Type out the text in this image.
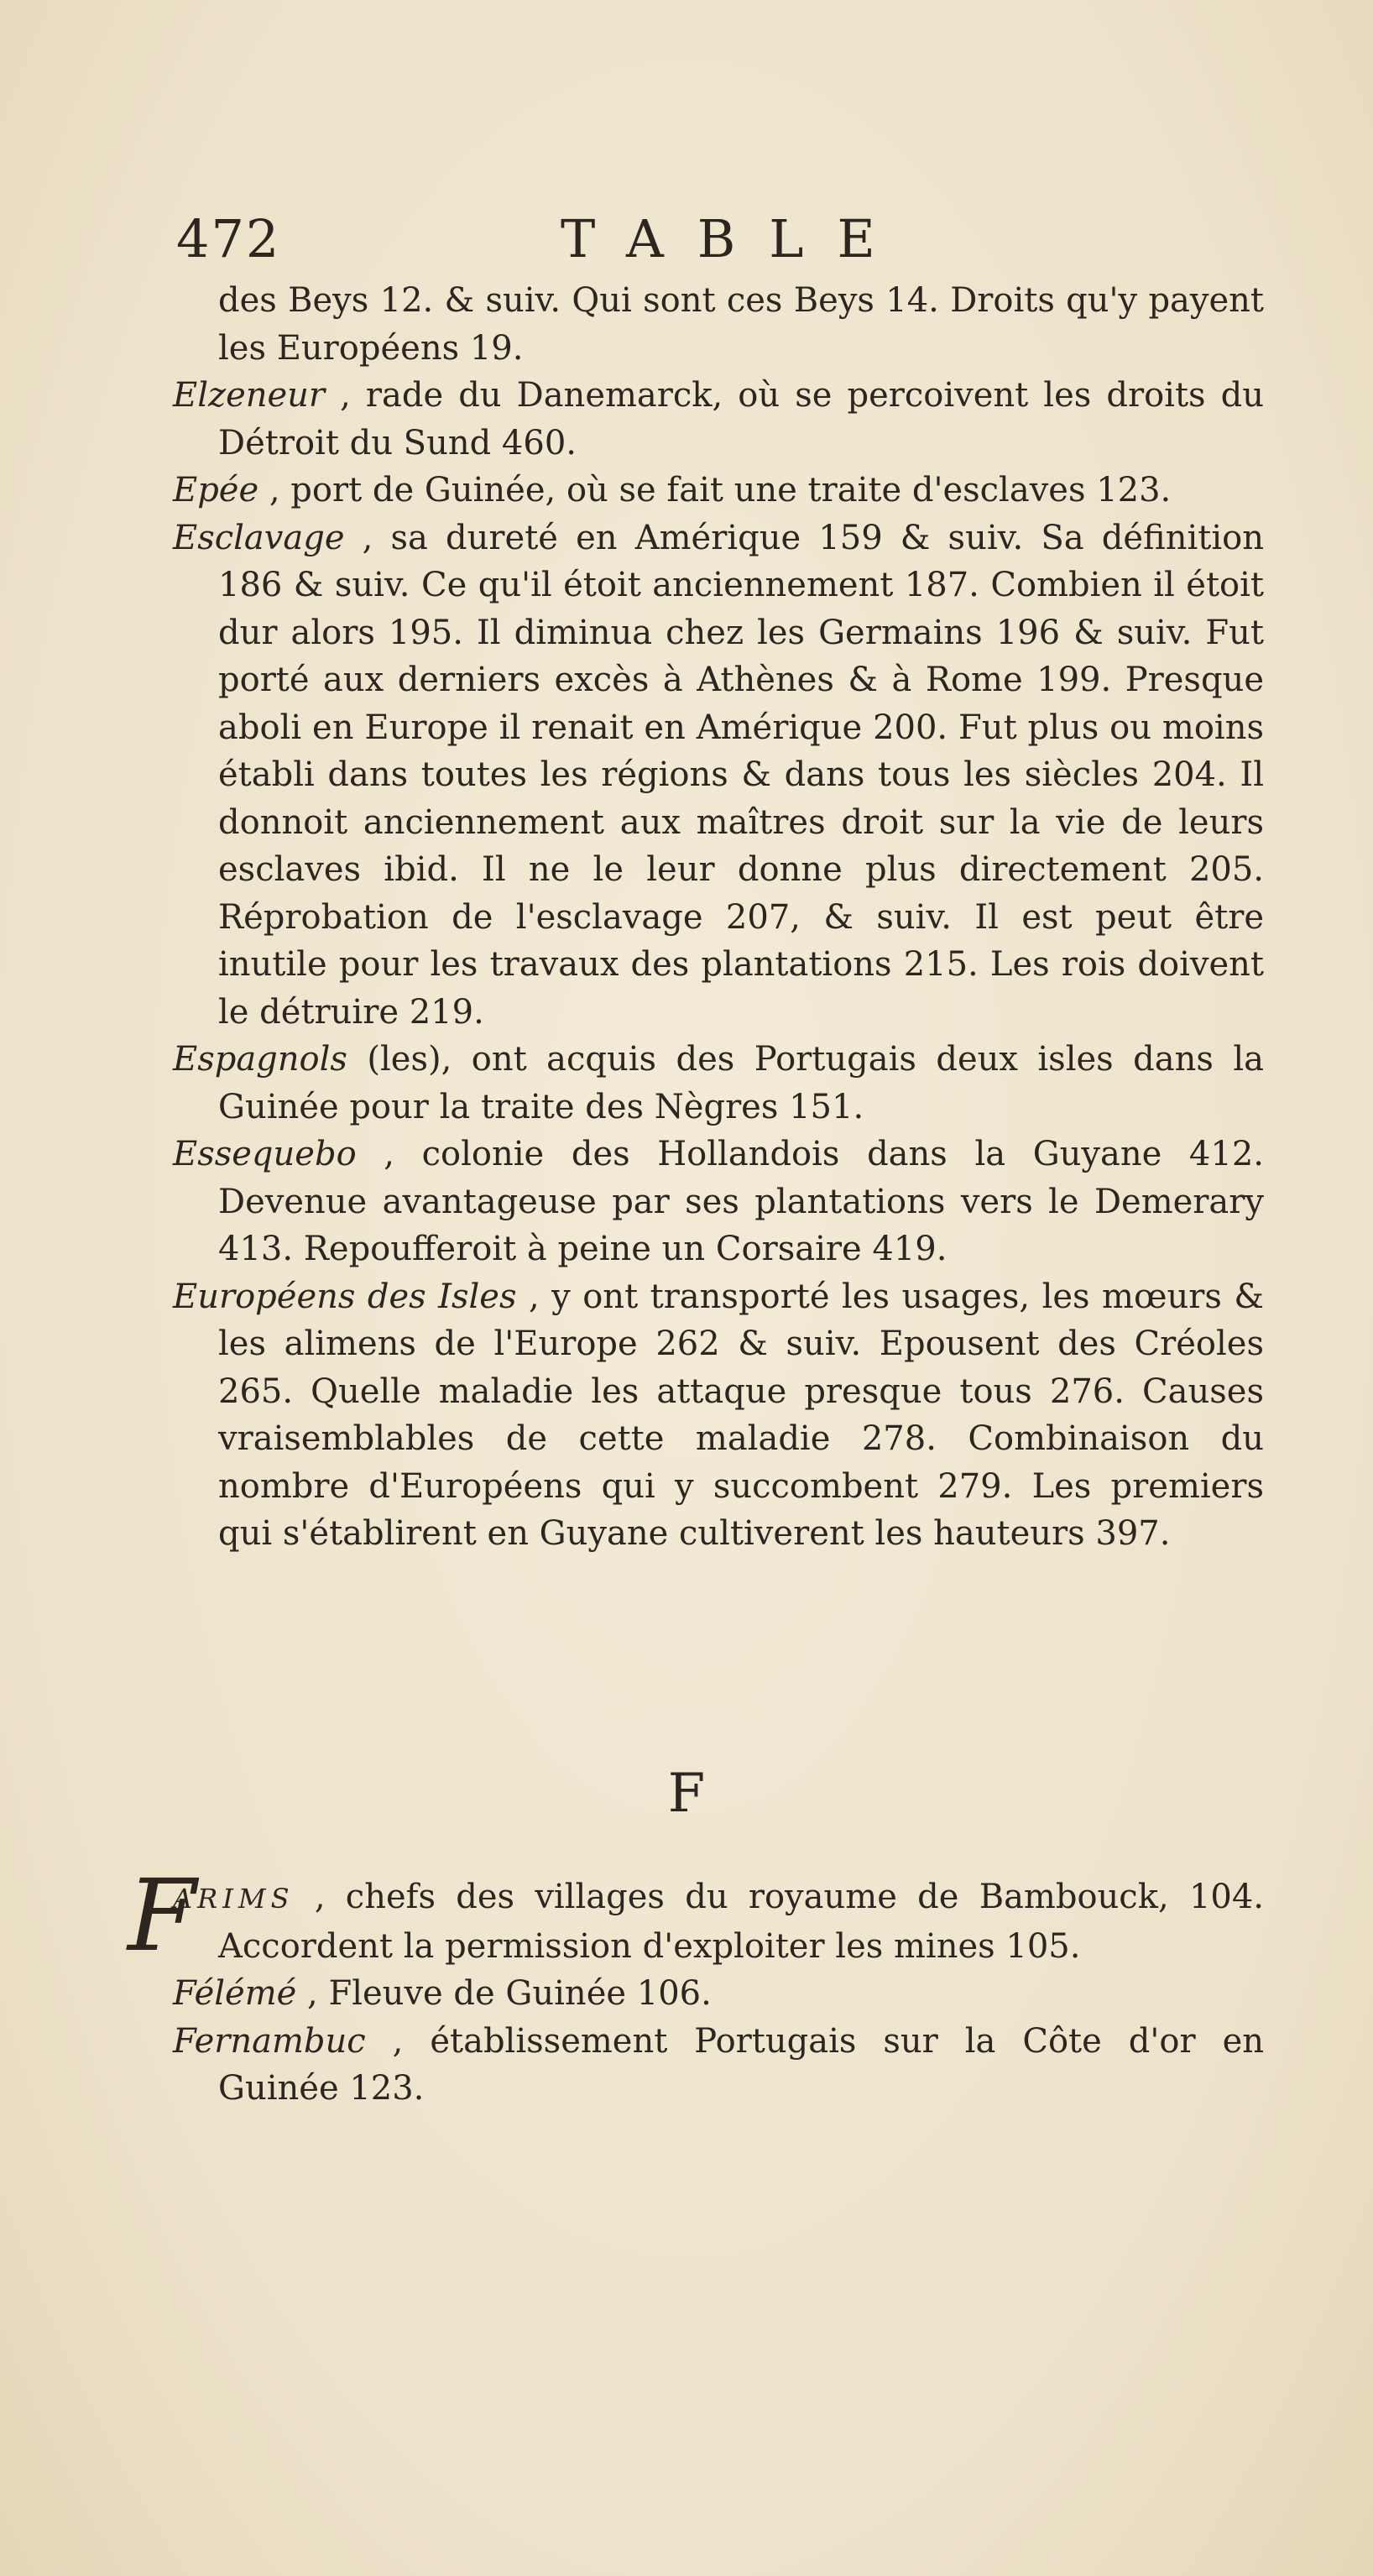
472	TABLE

des Beys 12. & suiv. Qui sont ces Beys 14. Droits qu'y payent les Européens 19.

Elzeneur , rade du Danemarck, où se percoivent les droits du Détroit du Sund 460.

Epée , port de Guinée, où se fait une traite d'esclaves 123.

Esclavage , sa dureté en Amérique 159 & suiv. Sa définition 186 & suiv. Ce qu'il étoit anciennement 187. Combien il étoit dur alors 195. Il diminua chez les Germains 196 & suiv. Fut porté aux derniers excès à Athènes & à Rome 199. Presque aboli en Europe il renait en Amérique 200. Fut plus ou moins établi dans toutes les régions & dans tous les siècles 204. Il donnoit anciennement aux maîtres droit sur la vie de leurs esclaves ibid. Il ne le leur donne plus directement 205. Réprobation de l'esclavage 207, & suiv. Il est peut être inutile pour les travaux des plantations 215. Les rois doivent le détruire 219.

Espagnols (les), ont acquis des Portugais deux isles dans la Guinée pour la traite des Nègres 151.

Essequebo , colonie des Hollandois dans la Guyane 412. Devenue avantageuse par ses plantations vers le Demerary 413. Repoufferoit à peine un Corsaire 419.

Européens des Isles , y ont transporté les usages, les mœurs & les alimens de l'Europe 262 & suiv. Epousent des Créoles 265. Quelle maladie les attaque presque tous 276. Causes vraisemblables de cette maladie 278. Combinaison du nombre d'Européens qui y succombent 279. Les premiers qui s'établirent en Guyane cultiverent les hauteurs 397.

F

F
ARIMS , chefs des villages du royaume de Bambouck, 104. Accordent la permission d'exploiter les mines 105.

Félémé , Fleuve de Guinée 106.

Fernambuc , établissement Portugais sur la Côte d'or en Guinée 123.
